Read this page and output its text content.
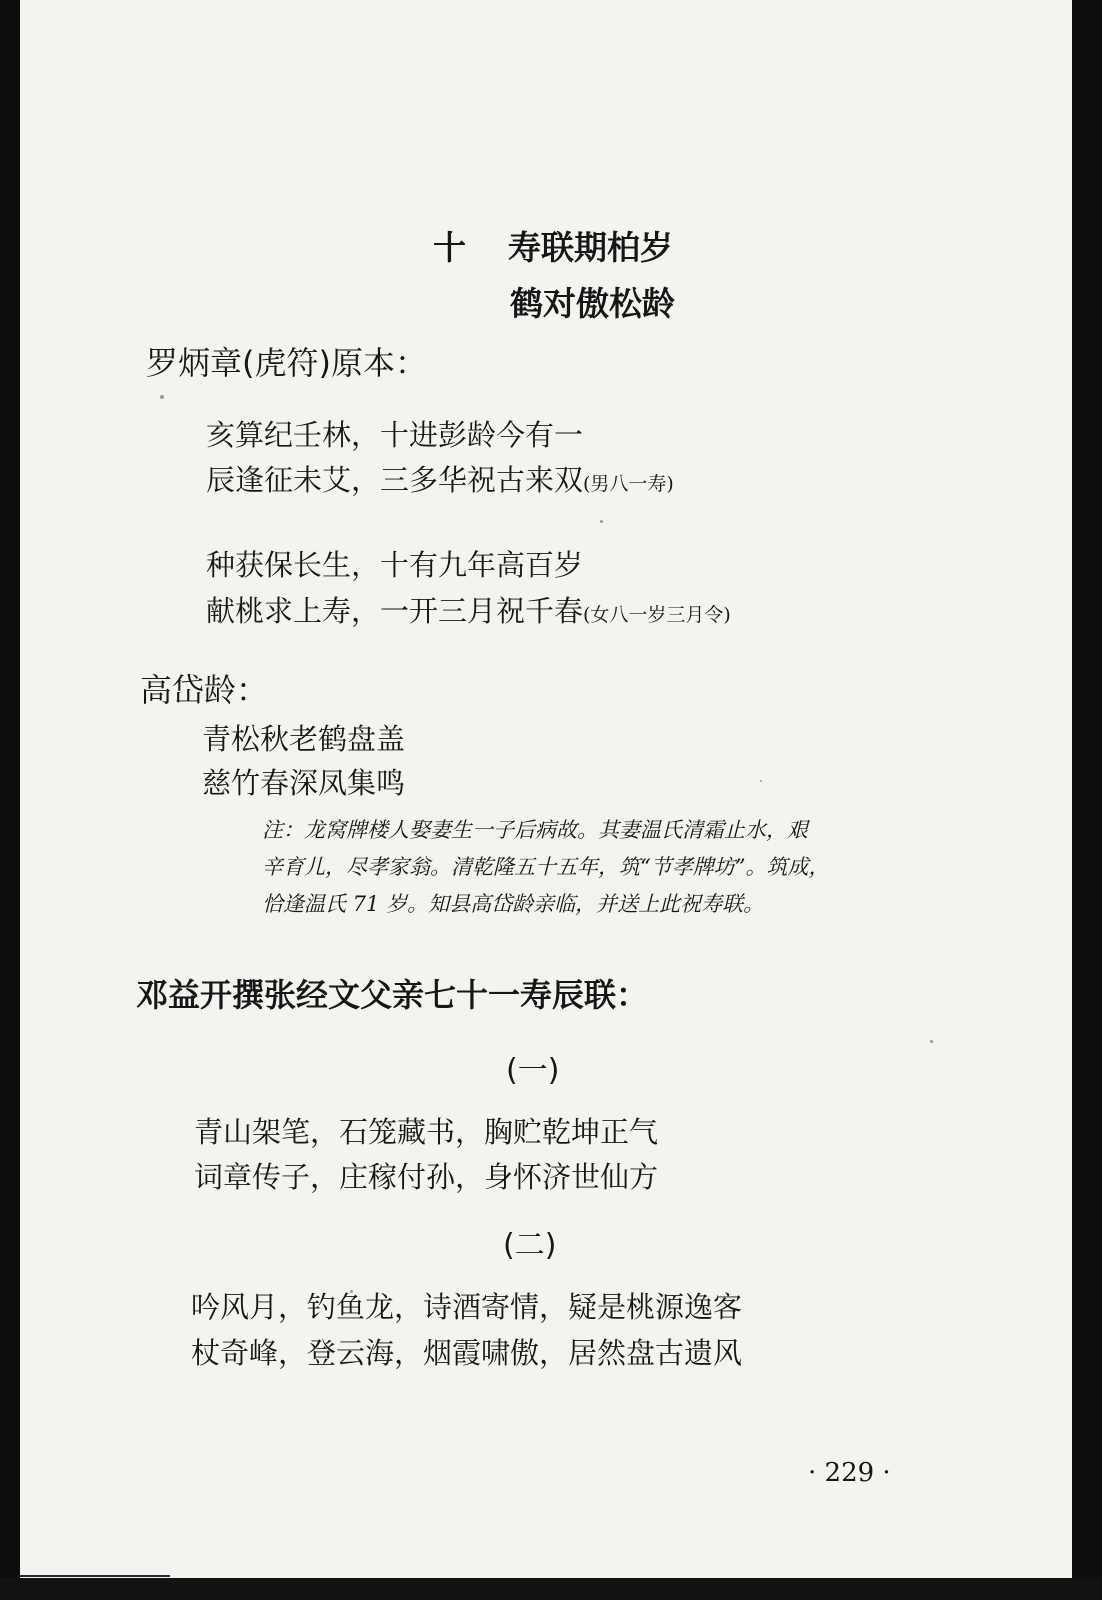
十 寿联期柏岁
鹤对傲松龄
罗炳章(虎符)原本：
亥算纪壬林，十进彭龄今有一
辰逢征未艾，三多华祝古来双(男八一寿)
种获保长生，十有九年高百岁
献桃求上寿，一开三月祝千春(女八一岁三月令)
高岱龄：
青松秋老鹤盘盖
慈竹春深凤集鸣

注：龙窝牌楼人娶妻生一子后病故。其妻温氏清霜止水，艰

辛育儿，尽孝家翁。清乾隆五十五年，筑“节孝牌坊”。筑成，

恰逢温氏 71 岁。知县高岱龄亲临，并送上此祝寿联。

邓益开撰张经文父亲七十一寿辰联：
(一)
青山架笔，石笼藏书，胸贮乾坤正气
词章传子，庄稼付孙，身怀济世仙方
(二)
吟风月，钓鱼龙，诗酒寄情，疑是桃源逸客
杖奇峰，登云海，烟霞啸傲，居然盘古遗风
· 229 ·
